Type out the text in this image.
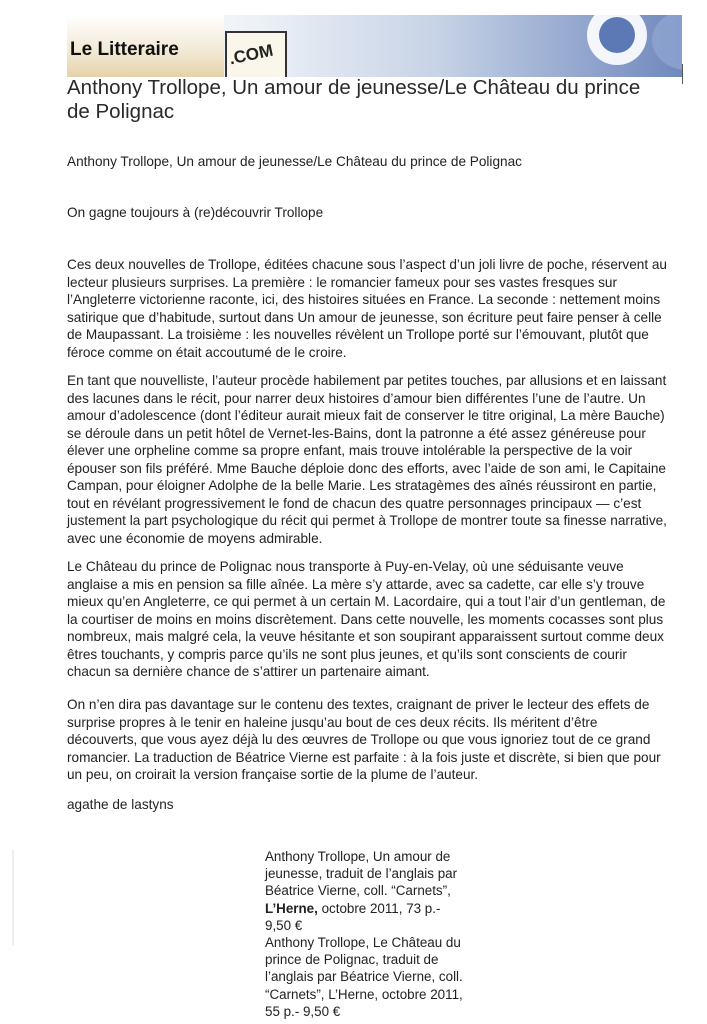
Le Litteraire	.COM
Anthony Trollope, Un amour de jeunesse/Le Château du prince de Polignac

Anthony Trollope, Un amour de jeunesse/Le Château du prince de Polignac

On gagne toujours à (re)découvrir Trollope

Ces deux nouvelles de Trollope, éditées chacune sous l’aspect d’un joli livre de poche, réservent au lecteur plusieurs surprises. La première : le romancier fameux pour ses vastes fresques sur l’Angleterre victorienne raconte, ici, des histoires situées en France. La seconde : nettement moins satirique que d’habitude, surtout dans Un amour de jeunesse, son écriture peut faire penser à celle de Maupassant. La troisième : les nouvelles révèlent un Trollope porté sur l’émouvant, plutôt que féroce comme on était accoutumé de le croire.

En tant que nouvelliste, l’auteur procède habilement par petites touches, par allusions et en laissant des lacunes dans le récit, pour narrer deux histoires d’amour bien différentes l’une de l’autre. Un amour d’adolescence (dont l’éditeur aurait mieux fait de conserver le titre original, La mère Bauche) se déroule dans un petit hôtel de Vernet-les-Bains, dont la patronne a été assez généreuse pour élever une orpheline comme sa propre enfant, mais trouve intolérable la perspective de la voir épouser son fils préféré. Mme Bauche déploie donc des efforts, avec l’aide de son ami, le Capitaine Campan, pour éloigner Adolphe de la belle Marie. Les stratagèmes des aînés réussiront en partie, tout en révélant progressivement le fond de chacun des quatre personnages principaux — c’est justement la part psychologique du récit qui permet à Trollope de montrer toute sa finesse narrative, avec une économie de moyens admirable.

Le Château du prince de Polignac nous transporte à Puy-en-Velay, où une séduisante veuve anglaise a mis en pension sa fille aînée. La mère s’y attarde, avec sa cadette, car elle s’y trouve mieux qu’en Angleterre, ce qui permet à un certain M. Lacordaire, qui a tout l’air d’un gentleman, de la courtiser de moins en moins discrètement. Dans cette nouvelle, les moments cocasses sont plus nombreux, mais malgré cela, la veuve hésitante et son soupirant apparaissent surtout comme deux êtres touchants, y compris parce qu’ils ne sont plus jeunes, et qu’ils sont conscients de courir chacun sa dernière chance de s’attirer un partenaire aimant.

On n’en dira pas davantage sur le contenu des textes, craignant de priver le lecteur des effets de surprise propres à le tenir en haleine jusqu’au bout de ces deux récits. Ils méritent d’être découverts, que vous ayez déjà lu des œuvres de Trollope ou que vous ignoriez tout de ce grand romancier. La traduction de Béatrice Vierne est parfaite : à la fois juste et discrète, si bien que pour un peu, on croirait la version française sortie de la plume de l’auteur.

agathe de lastyns

Anthony Trollope, Un amour de jeunesse, traduit de l’anglais par Béatrice Vierne, coll. “Carnets”, L’Herne, octobre 2011, 73 p.- 9,50 €
Anthony Trollope, Le Château du prince de Polignac, traduit de l’anglais par Béatrice Vierne, coll. “Carnets”, L’Herne, octobre 2011, 55 p.- 9,50 €
